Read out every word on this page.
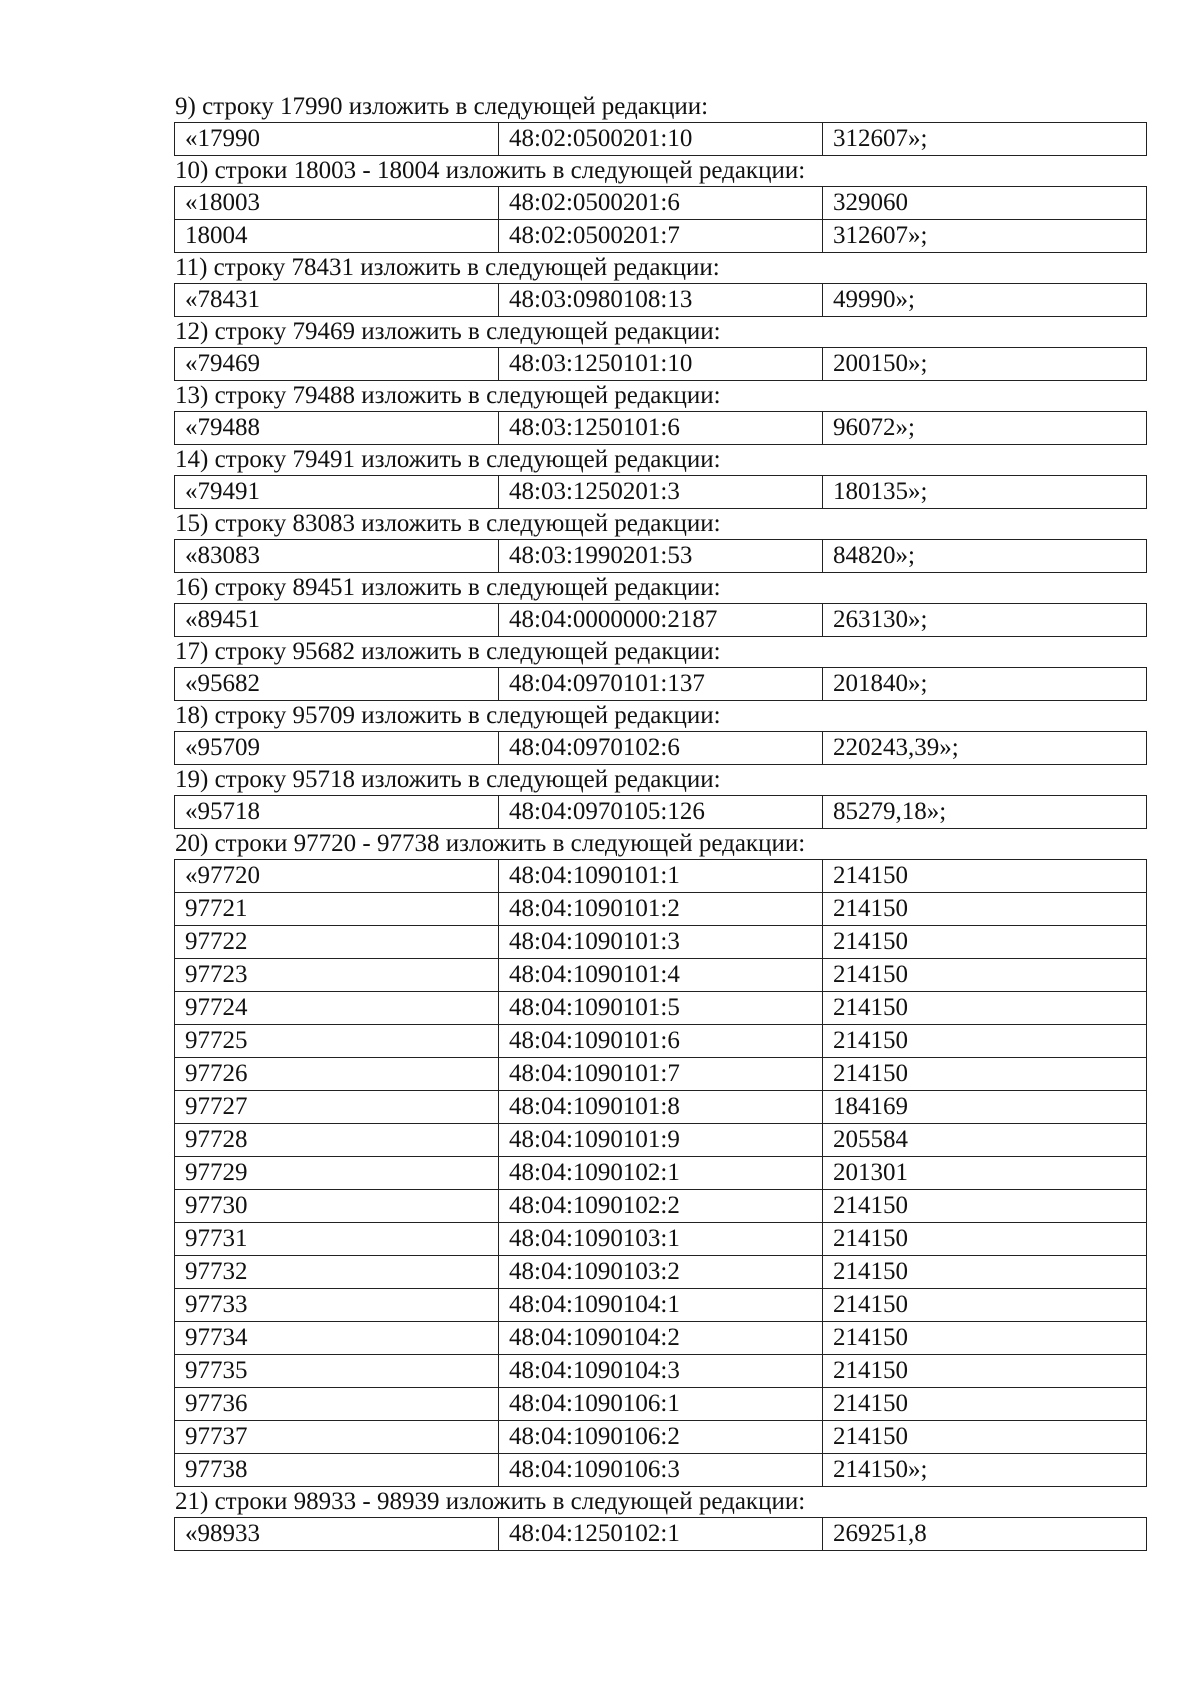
9) строку 17990 изложить в следующей редакции:
«17990	48:02:0500201:10	312607»;
10) строки 18003 - 18004 изложить в следующей редакции:
«18003	48:02:0500201:6	329060
18004	48:02:0500201:7	312607»;
11) строку 78431 изложить в следующей редакции:
«78431	48:03:0980108:13	49990»;
12) строку 79469 изложить в следующей редакции:
«79469	48:03:1250101:10	200150»;
13) строку 79488 изложить в следующей редакции:
«79488	48:03:1250101:6	96072»;
14) строку 79491 изложить в следующей редакции:
«79491	48:03:1250201:3	180135»;
15) строку 83083 изложить в следующей редакции:
«83083	48:03:1990201:53	84820»;
16) строку 89451 изложить в следующей редакции:
«89451	48:04:0000000:2187	263130»;
17) строку 95682 изложить в следующей редакции:
«95682	48:04:0970101:137	201840»;
18) строку 95709 изложить в следующей редакции:
«95709	48:04:0970102:6	220243,39»;
19) строку 95718 изложить в следующей редакции:
«95718	48:04:0970105:126	85279,18»;
20) строки 97720 - 97738 изложить в следующей редакции:
«97720	48:04:1090101:1	214150
97721	48:04:1090101:2	214150
97722	48:04:1090101:3	214150
97723	48:04:1090101:4	214150
97724	48:04:1090101:5	214150
97725	48:04:1090101:6	214150
97726	48:04:1090101:7	214150
97727	48:04:1090101:8	184169
97728	48:04:1090101:9	205584
97729	48:04:1090102:1	201301
97730	48:04:1090102:2	214150
97731	48:04:1090103:1	214150
97732	48:04:1090103:2	214150
97733	48:04:1090104:1	214150
97734	48:04:1090104:2	214150
97735	48:04:1090104:3	214150
97736	48:04:1090106:1	214150
97737	48:04:1090106:2	214150
97738	48:04:1090106:3	214150»;
21) строки 98933 - 98939 изложить в следующей редакции:
«98933	48:04:1250102:1	269251,8
